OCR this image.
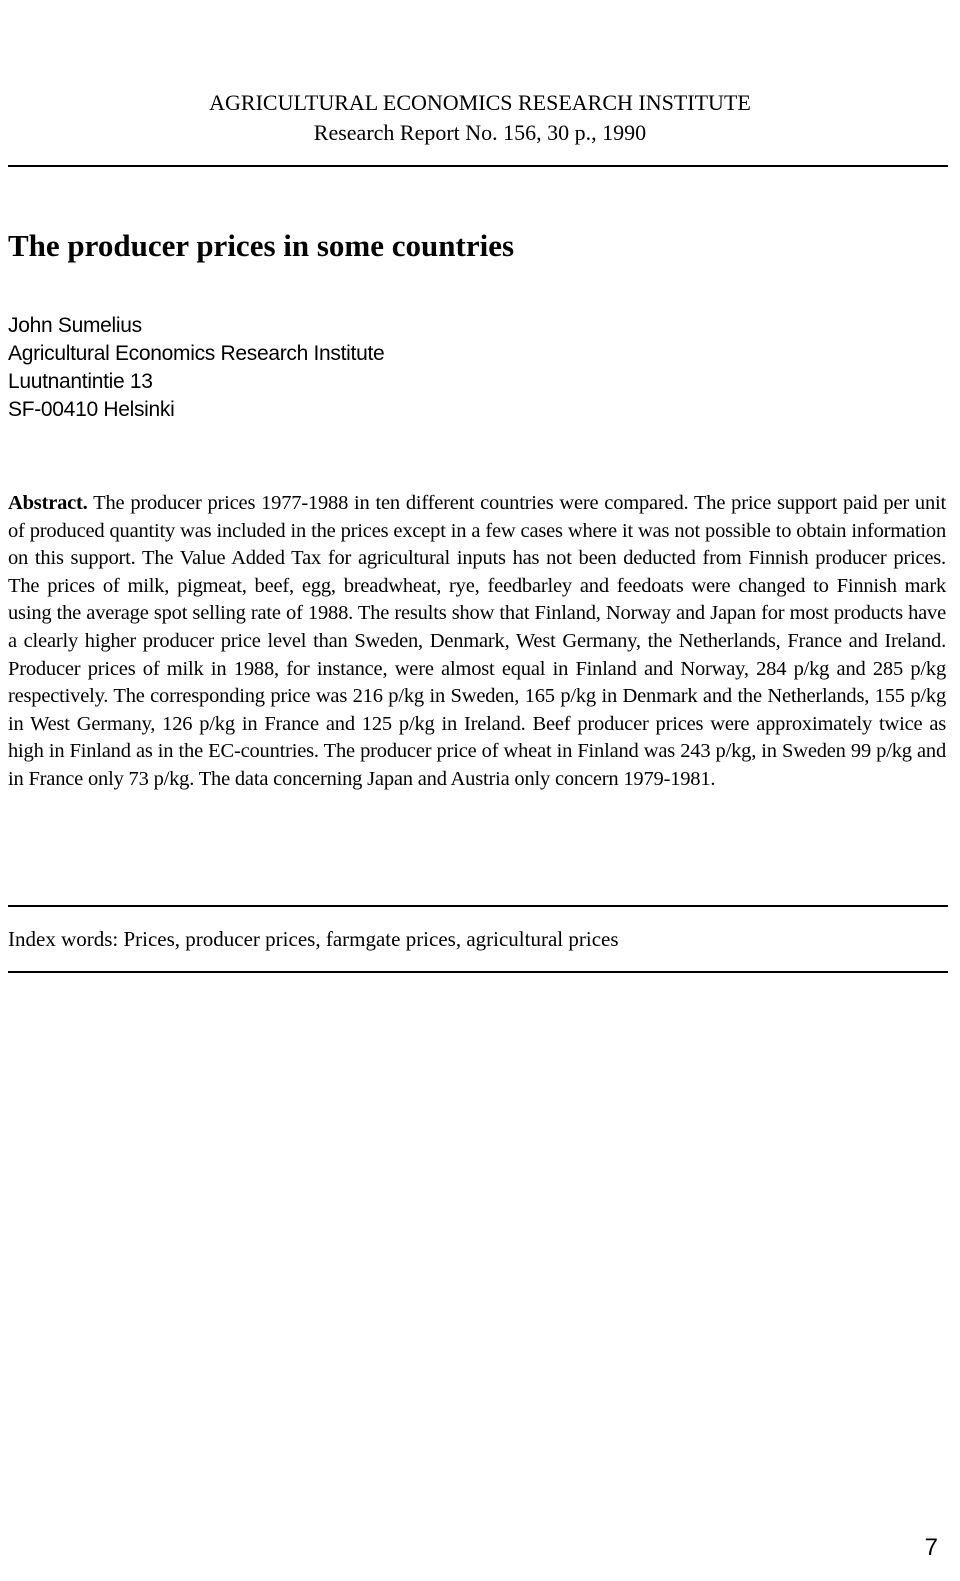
AGRICULTURAL ECONOMICS RESEARCH INSTITUTE
Research Report No. 156, 30 p., 1990
The producer prices in some countries
John Sumelius
Agricultural Economics Research Institute
Luutnantintie 13
SF-00410 Helsinki

Abstract. The producer prices 1977-1988 in ten different countries were compared. The price support paid per unit of produced quantity was included in the prices except in a few cases where it was not possible to obtain information on this support. The Value Added Tax for agricultural inputs has not been deducted from Finnish producer prices. The prices of milk, pigmeat, beef, egg, breadwheat, rye, feedbarley and feedoats were changed to Finnish mark using the average spot selling rate of 1988. The results show that Finland, Norway and Japan for most products have a clearly higher producer price level than Sweden, Denmark, West Germany, the Netherlands, France and Ireland. Producer prices of milk in 1988, for instance, were almost equal in Finland and Norway, 284 p/kg and 285 p/kg respectively. The corresponding price was 216 p/kg in Sweden, 165 p/kg in Denmark and the Netherlands, 155 p/kg in West Germany, 126 p/kg in France and 125 p/kg in Ireland. Beef producer prices were approximately twice as high in Finland as in the EC-countries. The producer price of wheat in Finland was 243 p/kg, in Sweden 99 p/kg and in France only 73 p/kg. The data concerning Japan and Austria only concern 1979-1981.

Index words: Prices, producer prices, farmgate prices, agricultural prices
7
